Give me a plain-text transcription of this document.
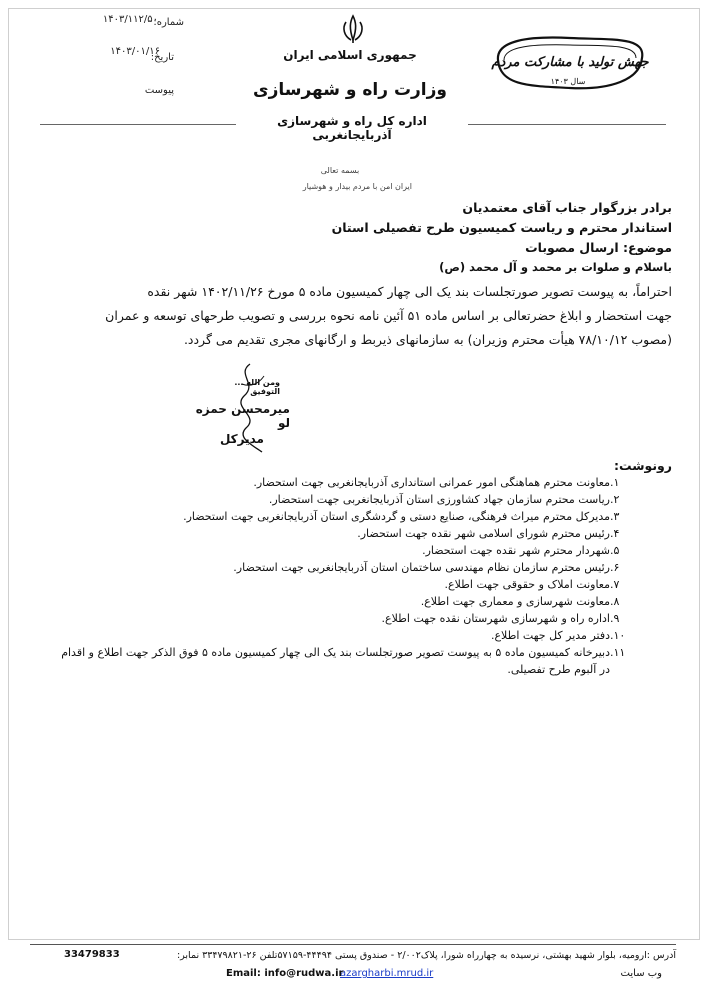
۱۴۰۳/۱۱۲/۵۰
شماره:
۱۴۰۳/۰۱/۱۶
تاریخ:
پیوست
جمهوری اسلامی ایران
وزارت راه و شهرسازی
اداره کل راه و شهرسازی آذربایجانغربی
جهش تولید با مشارکت مردم
سال ۱۴۰۳
بسمه تعالی
ایران امن با مردم بیدار و هوشیار
برادر بزرگوار جناب آقای معتمدیان
استاندار محترم و ریاست کمیسیون طرح تفصیلی استان
موضوع: ارسال مصوبات
باسلام و صلوات بر محمد و آل محمد (ص)
احتراماً، به پیوست تصویر صورتجلسات بند یک الی چهار کمیسیون ماده ۵ مورخ ۱۴۰۲/۱۱/۲۶ شهر نقده
جهت استحضار و ابلاغ حضرتعالی بر اساس ماده ۵۱ آئین نامه نحوه بررسی و تصویب طرحهای توسعه و عمران
(مصوب ۷۸/۱۰/۱۲ هیأت محترم وزیران) به سازمانهای ذیربط و ارگانهای مجری تقدیم می گردد.
ومن الله ... التوفیق
میرمحسن حمزه لو
مدیرکل
رونوشت:
۱.معاونت محترم هماهنگی امور عمرانی استانداری آذربایجانغربی جهت استحضار.
۲.ریاست محترم سازمان جهاد کشاورزی استان آذربایجانغربی جهت استحضار.
۳.مدیرکل محترم میراث فرهنگی، صنایع دستی و گردشگری استان آذربایجانغربی جهت استحضار.
۴.رئیس محترم شورای اسلامی شهر نقده جهت استحضار.
۵.شهردار محترم شهر نقده جهت استحضار.
۶.رئیس محترم سازمان نظام مهندسی ساختمان استان آذربایجانغربی جهت استحضار.
۷.معاونت املاک و حقوقی جهت اطلاع.
۸.معاونت شهرسازی و معماری جهت اطلاع.
۹.اداره راه و شهرسازی شهرستان نقده جهت اطلاع.
۱۰.دفتر مدیر کل جهت اطلاع.
۱۱.دبیرخانه کمیسیون ماده ۵ به پیوست تصویر صورتجلسات بند یک الی چهار کمیسیون ماده ۵ فوق الذکر جهت اطلاع و اقدام
در آلبوم طرح تفصیلی.
آدرس :ارومیه، بلوار شهید بهشتی، نرسیده به چهارراه شورا، پلاک۲/۰۰۲ - صندوق پستی ۴۴۴۹۴-۵۷۱۵۹تلفن ۲۶-۳۳۴۷۹۸۲۱ نمابر:
33479833
وب سایت
azargharbi.mrud.ir
Email: info@rudwa.ir
